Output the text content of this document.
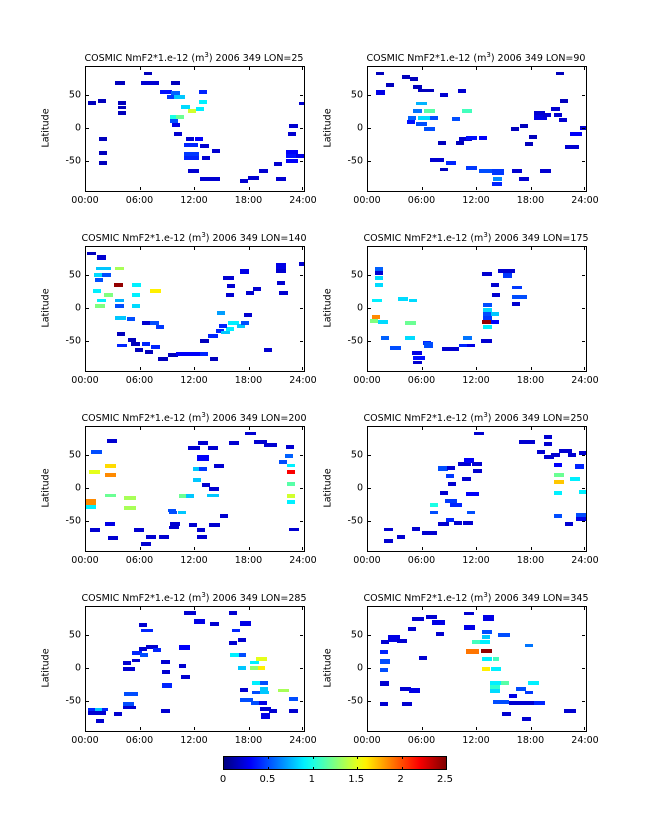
COSMIC NmF2*1.e-12 $(m^3)$ 2006 349 LON=25
Latitude
00:00	06:00	12:00	18:00	24:00
50
0
-50
COSMIC NmF2*1.e-12 $(m^3)$ 2006 349 LON=90
Latitude
00:00	06:00	12:00	18:00	24:00
50
0
-50
COSMIC NmF2*1.e-12 $(m^3)$ 2006 349 LON=140
Latitude
00:00	06:00	12:00	18:00	24:00
50
0
-50
COSMIC NmF2*1.e-12 $(m^3)$ 2006 349 LON=175
Latitude
00:00	06:00	12:00	18:00	24:00
50
0
-50
COSMIC NmF2*1.e-12 $(m^3)$ 2006 349 LON=200
Latitude
00:00	06:00	12:00	18:00	24:00
50
0
-50
COSMIC NmF2*1.e-12 $(m^3)$ 2006 349 LON=250
Latitude
00:00	06:00	12:00	18:00	24:00
50
0
-50
COSMIC NmF2*1.e-12 $(m^3)$ 2006 349 LON=285
Latitude
00:00	06:00	12:00	18:00	24:00
50
0
-50
COSMIC NmF2*1.e-12 $(m^3)$ 2006 349 LON=345
Latitude
00:00	06:00	12:00	18:00	24:00
50
0
-50
0	0.5	1	1.5	2	2.5
